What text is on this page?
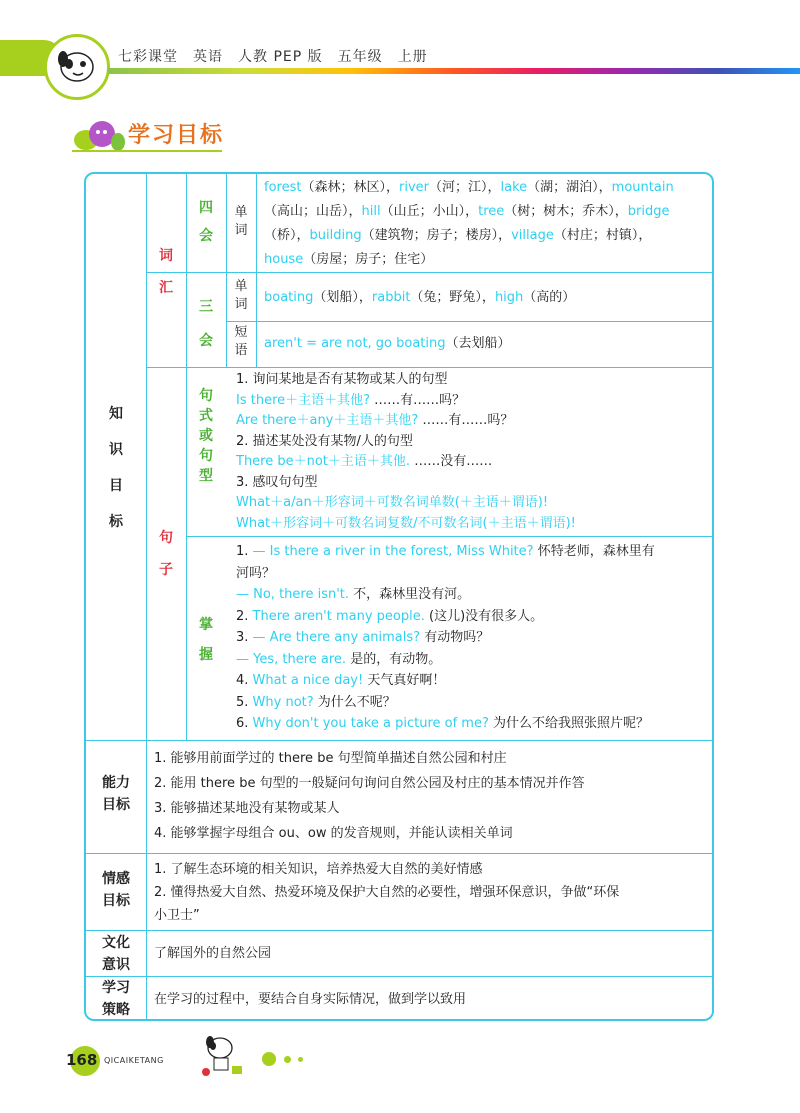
七彩课堂　英语　人教 PEP 版　五年级　上册
学习目标
知
识
目
标
词
汇
四
会
三
会
单
词
单
词
短
语
forest（森林；林区），river（河；江），lake（湖；湖泊），mountain
（高山；山岳），hill（山丘；小山），tree（树；树木；乔木），bridge
（桥），building（建筑物；房子；楼房），village（村庄；村镇），
house（房屋；房子；住宅）
boating（划船），rabbit（兔；野兔），high（高的）
aren't = are not, go boating（去划船）
句
子
句
式
或
句
型
掌
握
1. 询问某地是否有某物或某人的句型
Is there＋主语＋其他? ……有……吗？
Are there＋any＋主语＋其他? ……有……吗？
2. 描述某处没有某物/人的句型
There be＋not＋主语＋其他. ……没有……
3. 感叹句句型
What＋a/an＋形容词＋可数名词单数(＋主语＋谓语)!
What＋形容词＋可数名词复数/不可数名词(＋主语＋谓语)!
1. — Is there a river in the forest, Miss White? 怀特老师，森林里有
河吗？
— No, there isn't. 不，森林里没有河。
2. There aren't many people. (这儿)没有很多人。
3. — Are there any animals? 有动物吗？
— Yes, there are. 是的，有动物。
4. What a nice day! 天气真好啊！
5. Why not? 为什么不呢？
6. Why don't you take a picture of me? 为什么不给我照张照片呢？
能力
目标
1. 能够用前面学过的 there be 句型简单描述自然公园和村庄
2. 能用 there be 句型的一般疑问句询问自然公园及村庄的基本情况并作答
3. 能够描述某地没有某物或某人
4. 能够掌握字母组合 ou、ow 的发音规则，并能认读相关单词
情感
目标
1. 了解生态环境的相关知识，培养热爱大自然的美好情感
2. 懂得热爱大自然、热爱环境及保护大自然的必要性，增强环保意识，争做“环保
小卫士”
文化
意识
了解国外的自然公园
学习
策略
在学习的过程中，要结合自身实际情况，做到学以致用
168 QICAIKETANG
